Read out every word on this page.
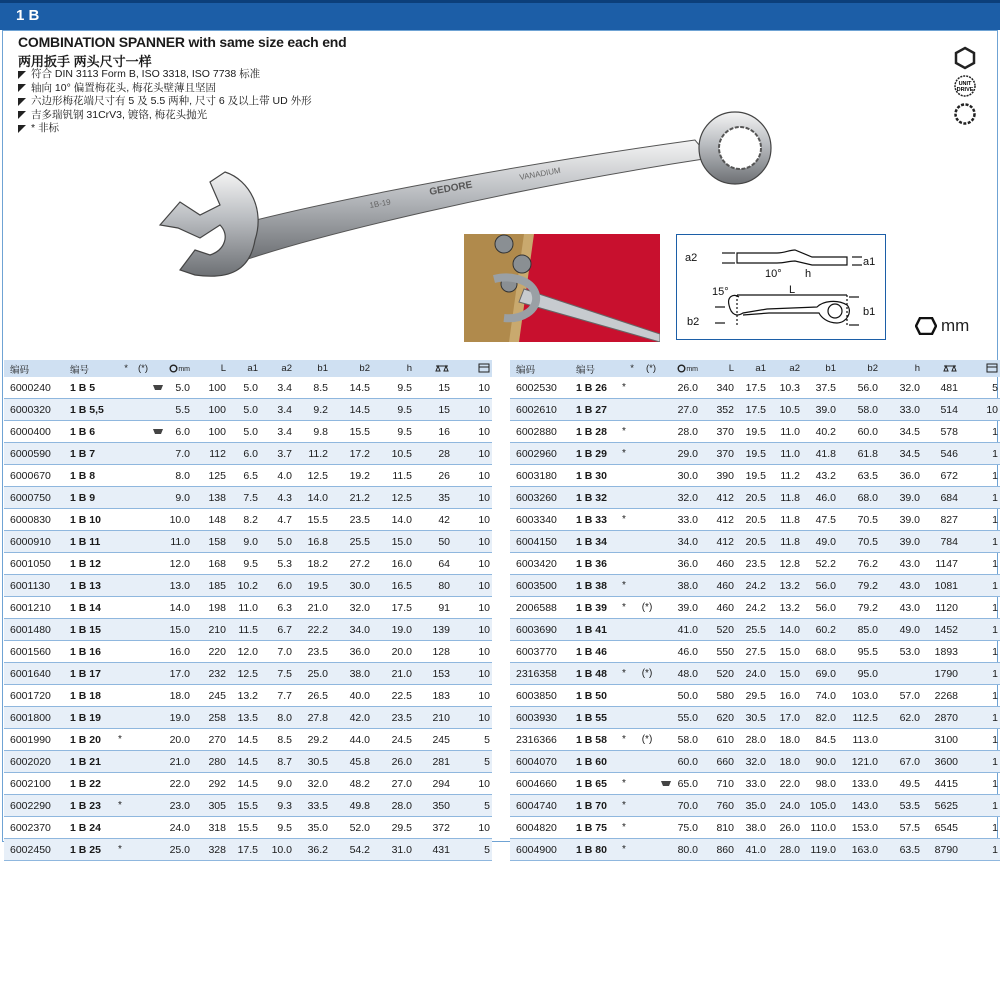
1 B
COMBINATION SPANNER with same size each end
两用扳手 两头尺寸一样
符合 DIN 3113 Form B, ISO 3318, ISO 7738 标准
轴向 10° 偏置梅花头, 梅花头壁薄且坚固
六边形梅花端尺寸有 5 及 5.5 两种, 尺寸 6 及以上带 UD 外形
吉多瑞钒钢 31CrV3, 镀铬, 梅花头抛光
* 非标
UNIT
DRIVE
GEDORE
1B-19
VANADIUM
a2	a1
10° h
15°	L
b2
b1
mm
编码	编号	*	(*)		mm	L	a1	a2	b1	b2	h		
6000240	1 B 5				5.0	100	5.0	3.4	8.5	14.5	9.5	15	10
6000320	1 B 5,5				5.5	100	5.0	3.4	9.2	14.5	9.5	15	10
6000400	1 B 6				6.0	100	5.0	3.4	9.8	15.5	9.5	16	10
6000590	1 B 7				7.0	112	6.0	3.7	11.2	17.2	10.5	28	10
6000670	1 B 8				8.0	125	6.5	4.0	12.5	19.2	11.5	26	10
6000750	1 B 9				9.0	138	7.5	4.3	14.0	21.2	12.5	35	10
6000830	1 B 10				10.0	148	8.2	4.7	15.5	23.5	14.0	42	10
6000910	1 B 11				11.0	158	9.0	5.0	16.8	25.5	15.0	50	10
6001050	1 B 12				12.0	168	9.5	5.3	18.2	27.2	16.0	64	10
6001130	1 B 13				13.0	185	10.2	6.0	19.5	30.0	16.5	80	10
6001210	1 B 14				14.0	198	11.0	6.3	21.0	32.0	17.5	91	10
6001480	1 B 15				15.0	210	11.5	6.7	22.2	34.0	19.0	139	10
6001560	1 B 16				16.0	220	12.0	7.0	23.5	36.0	20.0	128	10
6001640	1 B 17				17.0	232	12.5	7.5	25.0	38.0	21.0	153	10
6001720	1 B 18				18.0	245	13.2	7.7	26.5	40.0	22.5	183	10
6001800	1 B 19				19.0	258	13.5	8.0	27.8	42.0	23.5	210	10
6001990	1 B 20	*			20.0	270	14.5	8.5	29.2	44.0	24.5	245	5
6002020	1 B 21				21.0	280	14.5	8.7	30.5	45.8	26.0	281	5
6002100	1 B 22				22.0	292	14.5	9.0	32.0	48.2	27.0	294	10
6002290	1 B 23	*			23.0	305	15.5	9.3	33.5	49.8	28.0	350	5
6002370	1 B 24				24.0	318	15.5	9.5	35.0	52.0	29.5	372	10
6002450	1 B 25	*			25.0	328	17.5	10.0	36.2	54.2	31.0	431	5
编码	编号	*	(*)		mm	L	a1	a2	b1	b2	h		
6002530	1 B 26	*			26.0	340	17.5	10.3	37.5	56.0	32.0	481	5
6002610	1 B 27				27.0	352	17.5	10.5	39.0	58.0	33.0	514	10
6002880	1 B 28	*			28.0	370	19.5	11.0	40.2	60.0	34.5	578	1
6002960	1 B 29	*			29.0	370	19.5	11.0	41.8	61.8	34.5	546	1
6003180	1 B 30				30.0	390	19.5	11.2	43.2	63.5	36.0	672	1
6003260	1 B 32				32.0	412	20.5	11.8	46.0	68.0	39.0	684	1
6003340	1 B 33	*			33.0	412	20.5	11.8	47.5	70.5	39.0	827	1
6004150	1 B 34				34.0	412	20.5	11.8	49.0	70.5	39.0	784	1
6003420	1 B 36				36.0	460	23.5	12.8	52.2	76.2	43.0	1147	1
6003500	1 B 38	*			38.0	460	24.2	13.2	56.0	79.2	43.0	1081	1
2006588	1 B 39	*	(*)		39.0	460	24.2	13.2	56.0	79.2	43.0	1120	1
6003690	1 B 41				41.0	520	25.5	14.0	60.2	85.0	49.0	1452	1
6003770	1 B 46				46.0	550	27.5	15.0	68.0	95.5	53.0	1893	1
2316358	1 B 48	*	(*)		48.0	520	24.0	15.0	69.0	95.0		1790	1
6003850	1 B 50				50.0	580	29.5	16.0	74.0	103.0	57.0	2268	1
6003930	1 B 55				55.0	620	30.5	17.0	82.0	112.5	62.0	2870	1
2316366	1 B 58	*	(*)		58.0	610	28.0	18.0	84.5	113.0		3100	1
6004070	1 B 60				60.0	660	32.0	18.0	90.0	121.0	67.0	3600	1
6004660	1 B 65	*			65.0	710	33.0	22.0	98.0	133.0	49.5	4415	1
6004740	1 B 70	*			70.0	760	35.0	24.0	105.0	143.0	53.5	5625	1
6004820	1 B 75	*			75.0	810	38.0	26.0	110.0	153.0	57.5	6545	1
6004900	1 B 80	*			80.0	860	41.0	28.0	119.0	163.0	63.5	8790	1
